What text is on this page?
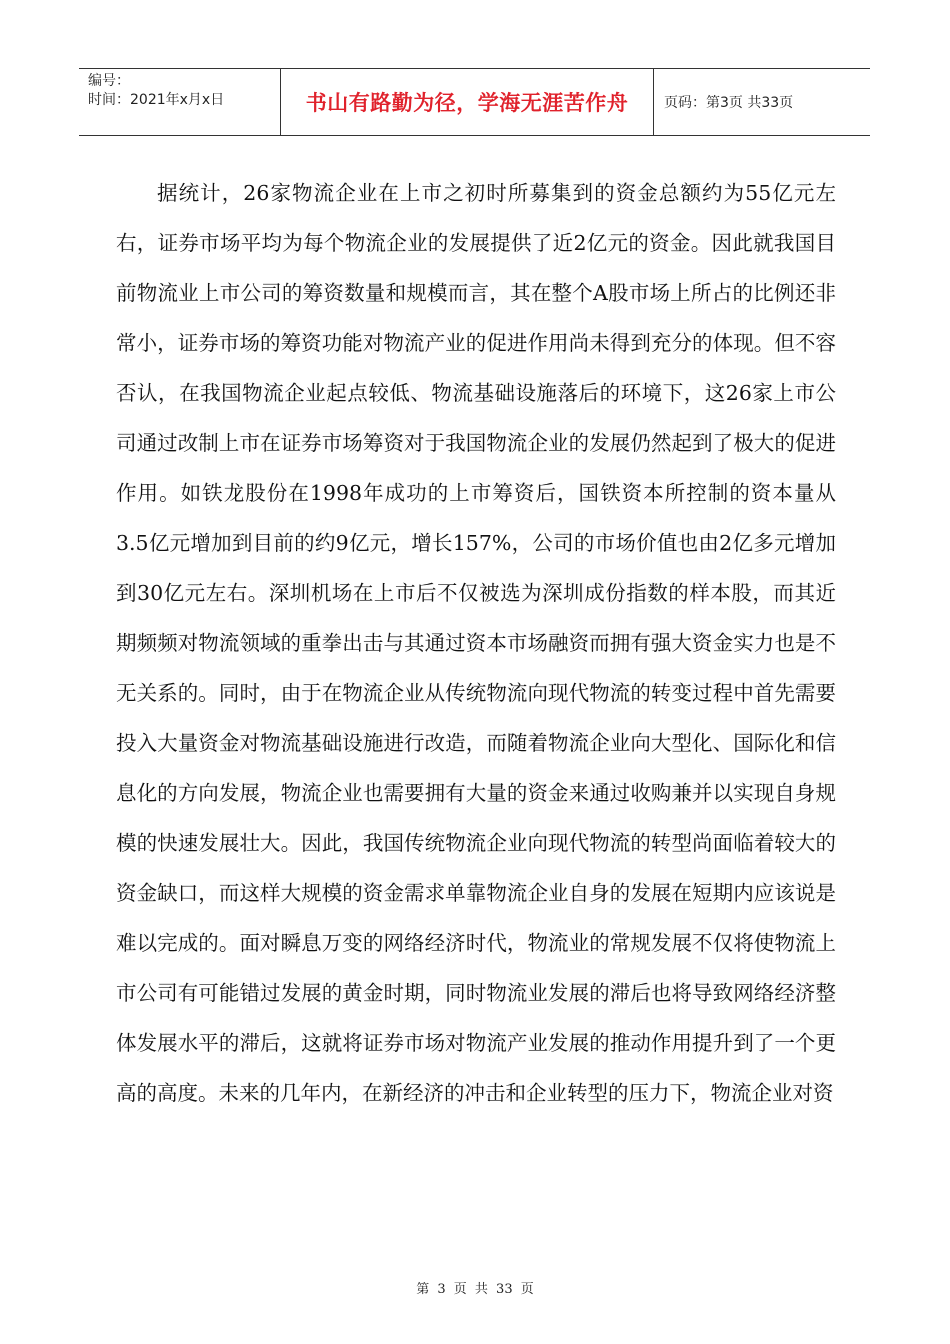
编号：
时间：2021年x月x日	书山有路勤为径，学海无涯苦作舟	页码：第3页 共33页

据统计，26家物流企业在上市之初时所募集到的资金总额约为55亿元左右，证券市场平均为每个物流企业的发展提供了近2亿元的资金。因此就我国目前物流业上市公司的筹资数量和规模而言，其在整个A股市场上所占的比例还非常小，证券市场的筹资功能对物流产业的促进作用尚未得到充分的体现。但不容否认，在我国物流企业起点较低、物流基础设施落后的环境下，这26家上市公司通过改制上市在证券市场筹资对于我国物流企业的发展仍然起到了极大的促进作用。如铁龙股份在1998年成功的上市筹资后，国铁资本所控制的资本量从3.5亿元增加到目前的约9亿元，增长157%，公司的市场价值也由2亿多元增加到30亿元左右。深圳机场在上市后不仅被选为深圳成份指数的样本股，而其近期频频对物流领域的重拳出击与其通过资本市场融资而拥有强大资金实力也是不无关系的。同时，由于在物流企业从传统物流向现代物流的转变过程中首先需要投入大量资金对物流基础设施进行改造，而随着物流企业向大型化、国际化和信息化的方向发展，物流企业也需要拥有大量的资金来通过收购兼并以实现自身规模的快速发展壮大。因此，我国传统物流企业向现代物流的转型尚面临着较大的资金缺口，而这样大规模的资金需求单靠物流企业自身的发展在短期内应该说是难以完成的。面对瞬息万变的网络经济时代，物流业的常规发展不仅将使物流上市公司有可能错过发展的黄金时期，同时物流业发展的滞后也将导致网络经济整体发展水平的滞后，这就将证券市场对物流产业发展的推动作用提升到了一个更高的高度。未来的几年内，在新经济的冲击和企业转型的压力下，物流企业对资

第 3 页 共 33 页
